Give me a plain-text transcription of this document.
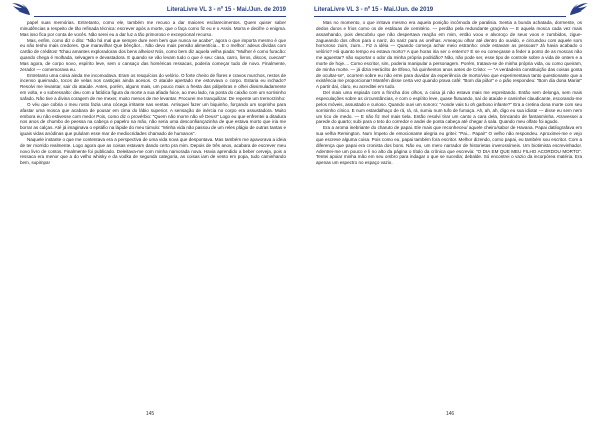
LiteraLivre VL 3 - nº 15 - Mai./Jun. de 2019

papel suas memórias. Entretanto, como ele, também me recuso a dar maiores esclarecimentos. Quem quiser saber minudências a respeito de tão refinada técnica: escrever após a morte, que o faça como fiz eu e o Assis. Morra e decifre o enigma. Mas isso fica por conta de vocês. Não serei eu a dar luz a tão primoroso e excepcional recurso.

Mas, enfim, como diz o dito: "Não há mal que sempre dure nem bem que nunca se acabe", agora o que importa mesmo é que eu não tenho mais credores. Que maravilha! Que bênção!... Não devo mais pensão alimentícia... E o melhor: adeus dívidas com cartão de créditos! Tchau amantes exploradoras dos bens alheios! Nós, como bem diz aquela velha piada: "Mulher é como furacão: quando chega é molhada, selvagem e devastadora. E quando se vão levam tudo o que é seu: casa, carro, livros, discos, cuecas!" Mas agora, de corpo novo, espírito leve, sem o cansaço das homéricas ressacas, poderia começar tudo de novo. Finalmente, zerado! — comemorava eu.

Entretanto uma coisa ainda me incomodava. Eram os resquícios do velório. O forte cheiro de flores e cravos murchos, restos de incenso queimado, tocos de velas nos castiçais ainda acesos. O ataúde apertado me estorvava o corpo. Estaria eu inchado? Resolvi me levantar, sair do ataúde. Antes, porém, alguns mais, um pouco mais a fresta das pálpebras e olhei dissimuladamente em volta, e o sobressalto: deu com a fatídica figura da morte a sua afiada foice, ao meu lado, na ponta do caixão com um sorrisinho safado. Não tive a divina coragem de me mexer, muito menos de me levantar. Procurei me tranquilizar. De repente um tremorzinho:

O véu que cobria o meu rosto fazia uma cócega irritante nas ventas. Arrisquei fazer um biquinho, forçando um soprinho para afastar uma mosca que acabara de pousar em cima do lábio superior. A sensação de inércia no corpo era assustadora. Muito embora eu não estivesse com medo! Pois, como diz o provérbio: "Quem não morre não vê Deus!" Logo eu que enfrentei a ditadura nos anos de chumbo de peessa na cabeça e papelro na mão, não seria uma desconfiançazinha de que estava morto que iria me borrar as calças. Até já imaginava o epitáfio na lápide do meu túmulo: "Minha vida não passou de um reles plágio de outras tantas e iguais vidas anódinas que pululam esse mar de mediocridades chamado de humanos".

Naquele instante o que me contentava era a perspectiva de uma vida nova que despontava. Mas também me apavorava a ideia de ter morrido realmente. Logo agora que as coisas estavam dando certo pra mim. Depois de três anos, acabara de escrever meu novo livro de contos. Finalmente foi publicado. Deleitava-me com minha namorada nova. Havia aprendido a beber cerveja, pois a ressaca era menor que a do velho whisky e da vodka de segunda categoria, as coisas iam de vento em popa, tudo caminhando bem, supimpa!

145
LiteraLivre VL 3 - nº 15 - Mai./Jun. de 2019

Mas no momento, o que irritava mesmo era aquela posição incômoda de paralisia. Sentia a bunda achatada, dormente, os dedos duros e frios como os de estátuas de cemitério. — perdão pela redundante graçinha — E aquela mosca cada vez mais assanhando, pois descobriu que não despertava reação em mim, então voou e alvoroço de seus voos e zumbidos, zigue-zagueando dos olhos para o nariz, do nariz para as orelhas. Ameaçou olhar até dentro do ouvido, e circundou com aquele som horroroso zuim, zuim... Fiz a idéia — Quando começa achar meio estranho: onde estavam as pessoas? Já havia acabado o velório? Há quanto tempo eu estava morto? A que horas iria ser o enterro? E se eu começasse a feder a ponto de as moscas não me aguentar? não suportar o odor da minha própria podridão? Não, não pode ser, esse tipo de controle sobre a vida de ontem e a morte de hoje.... Como escritor, sim, poderia manipular a personagem. Porém, tratava-se de minha própria vida, ou como queiram, de minha morte. — já dizia Heráclito de Éfeso, há quinhentos anos antes de Cristo: — "A verdadeira constituição das coisas gosta de ocultar-se", ocorrem sobre eu não errei para duvidar da experiência de morto/vivo que experimentava tanto questionante que a existência me proporcionar! Mantêm disse certa vez quando prava café: "Bom dia pião!" e o pião respondeu: "Bom dia dona Maria!" A partir daí, claro, eu acreditei em tudo.

Del mais uma espiada com a frincha dos olhos, a coisa já não estava mais me espreitando. Então sem delonga, sem mais especulações sobre as circunstâncias, e com o espírito leve, quase flutuando, saí do ataúde e caminhei claudicante, escorando-me pelos móveis, assustado e curioso. Quando ouvi um sonoro: "Aonde vais tu oh garboso infante?" Era a cretina dona morte com seu sorrisinho cínico. E num estardalhaço de rá, rá, rá, sumiu num tufo de fumaça. Ah, ah, ah, digo eu sua idiota! — disse eu sem nem um tico de medo. — E não fiz mel mais tiela. Então resolvi tirar um canto a cara dela, brincando de fantasminha. Atravessei a parede do quarto; subi para o teto do corredor e andei de ponta cabeça até chegar à sala. Quando meu olfato foi agudo.

Era a aroma inebriante do charuto de papai. Ele mais que reconheceu/ aquele cheiro/sabor de Havana. Papai datilografava em sua velha Remington. Num ímpeto de emocionante alegria eu gritei: "Pai... Papai!" O velho não respondeu. Aproximei-me e vejo que escreve alguma coisa. Pois como eu, papai também fora escritor. Melhor dizendo, como papai, eu também sou escritor. Com a diferença que papai era cronista dos bons. Não eu, um mero narrador de historietas inverossímeis. Um biotimista escrevinhador. Adentrei-me um pouco e li no alto da página o título da crônica que escrevia: "O DIA EM QUE MEU FILHO ACORDOU MORTO". Tentei apoiar minha mão em seu ombro para indagar o que se sucedia; debalde. Só encontrei o vazio da incorpórea matéria. Era apenas um espectro no espaço vazio.

146
